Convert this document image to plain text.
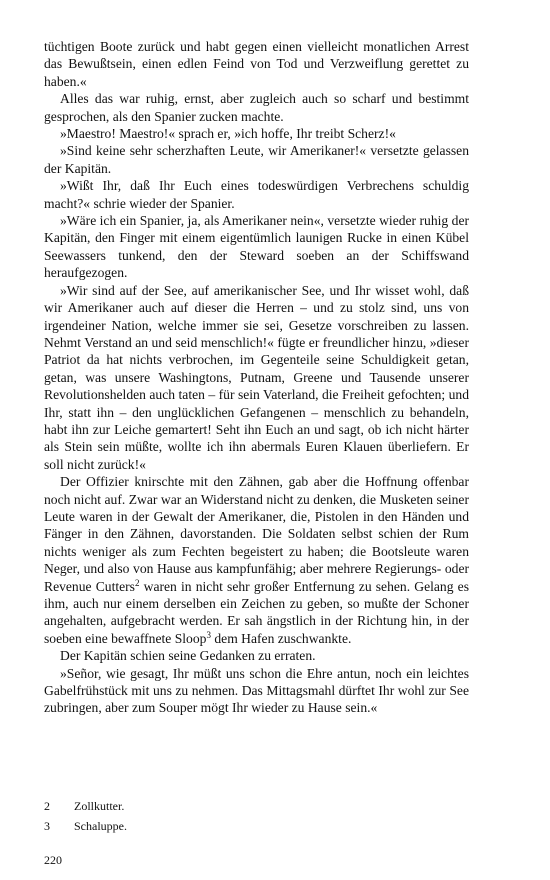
tüchtigen Boote zurück und habt gegen einen vielleicht monatlichen Arrest das Bewußtsein, einen edlen Feind von Tod und Verzweiflung gerettet zu haben.«

Alles das war ruhig, ernst, aber zugleich auch so scharf und bestimmt gesprochen, als den Spanier zucken machte.

»Maestro! Maestro!« sprach er, »ich hoffe, Ihr treibt Scherz!«

»Sind keine sehr scherzhaften Leute, wir Amerikaner!« versetzte gelassen der Kapitän.

»Wißt Ihr, daß Ihr Euch eines todeswürdigen Verbrechens schuldig macht?« schrie wieder der Spanier.

»Wäre ich ein Spanier, ja, als Amerikaner nein«, versetzte wieder ruhig der Kapitän, den Finger mit einem eigentümlich launigen Rucke in einen Kübel Seewassers tunkend, den der Steward soeben an der Schiffswand heraufgezogen.

»Wir sind auf der See, auf amerikanischer See, und Ihr wisset wohl, daß wir Amerikaner auch auf dieser die Herren – und zu stolz sind, uns von irgendeiner Nation, welche immer sie sei, Gesetze vorschreiben zu lassen. Nehmt Verstand an und seid menschlich!« fügte er freundlicher hinzu, »dieser Patriot da hat nichts verbrochen, im Gegenteile seine Schuldigkeit getan, getan, was unsere Washingtons, Putnam, Greene und Tausende unserer Revolutionshelden auch taten – für sein Vaterland, die Freiheit gefochten; und Ihr, statt ihn – den unglücklichen Gefangenen – menschlich zu behandeln, habt ihn zur Leiche gemartert! Seht ihn Euch an und sagt, ob ich nicht härter als Stein sein müßte, wollte ich ihn abermals Euren Klauen überliefern. Er soll nicht zurück!«

Der Offizier knirschte mit den Zähnen, gab aber die Hoffnung offenbar noch nicht auf. Zwar war an Widerstand nicht zu denken, die Musketen seiner Leute waren in der Gewalt der Amerikaner, die, Pistolen in den Händen und Fänger in den Zähnen, davorstanden. Die Soldaten selbst schien der Rum nichts weniger als zum Fechten begeistert zu haben; die Bootsleute waren Neger, und also von Hause aus kampfunfähig; aber mehrere Regierungs- oder Revenue Cutters$^2$ waren in nicht sehr großer Entfernung zu sehen. Gelang es ihm, auch nur einem derselben ein Zeichen zu geben, so mußte der Schoner angehalten, aufgebracht werden. Er sah ängstlich in der Richtung hin, in der soeben eine bewaffnete Sloop$^3$ dem Hafen zuschwankte.

Der Kapitän schien seine Gedanken zu erraten.

»Señor, wie gesagt, Ihr müßt uns schon die Ehre antun, noch ein leichtes Gabelfrühstück mit uns zu nehmen. Das Mittagsmahl dürftet Ihr wohl zur See zubringen, aber zum Souper mögt Ihr wieder zu Hause sein.«

2	Zollkutter.
3	Schaluppe.
220
